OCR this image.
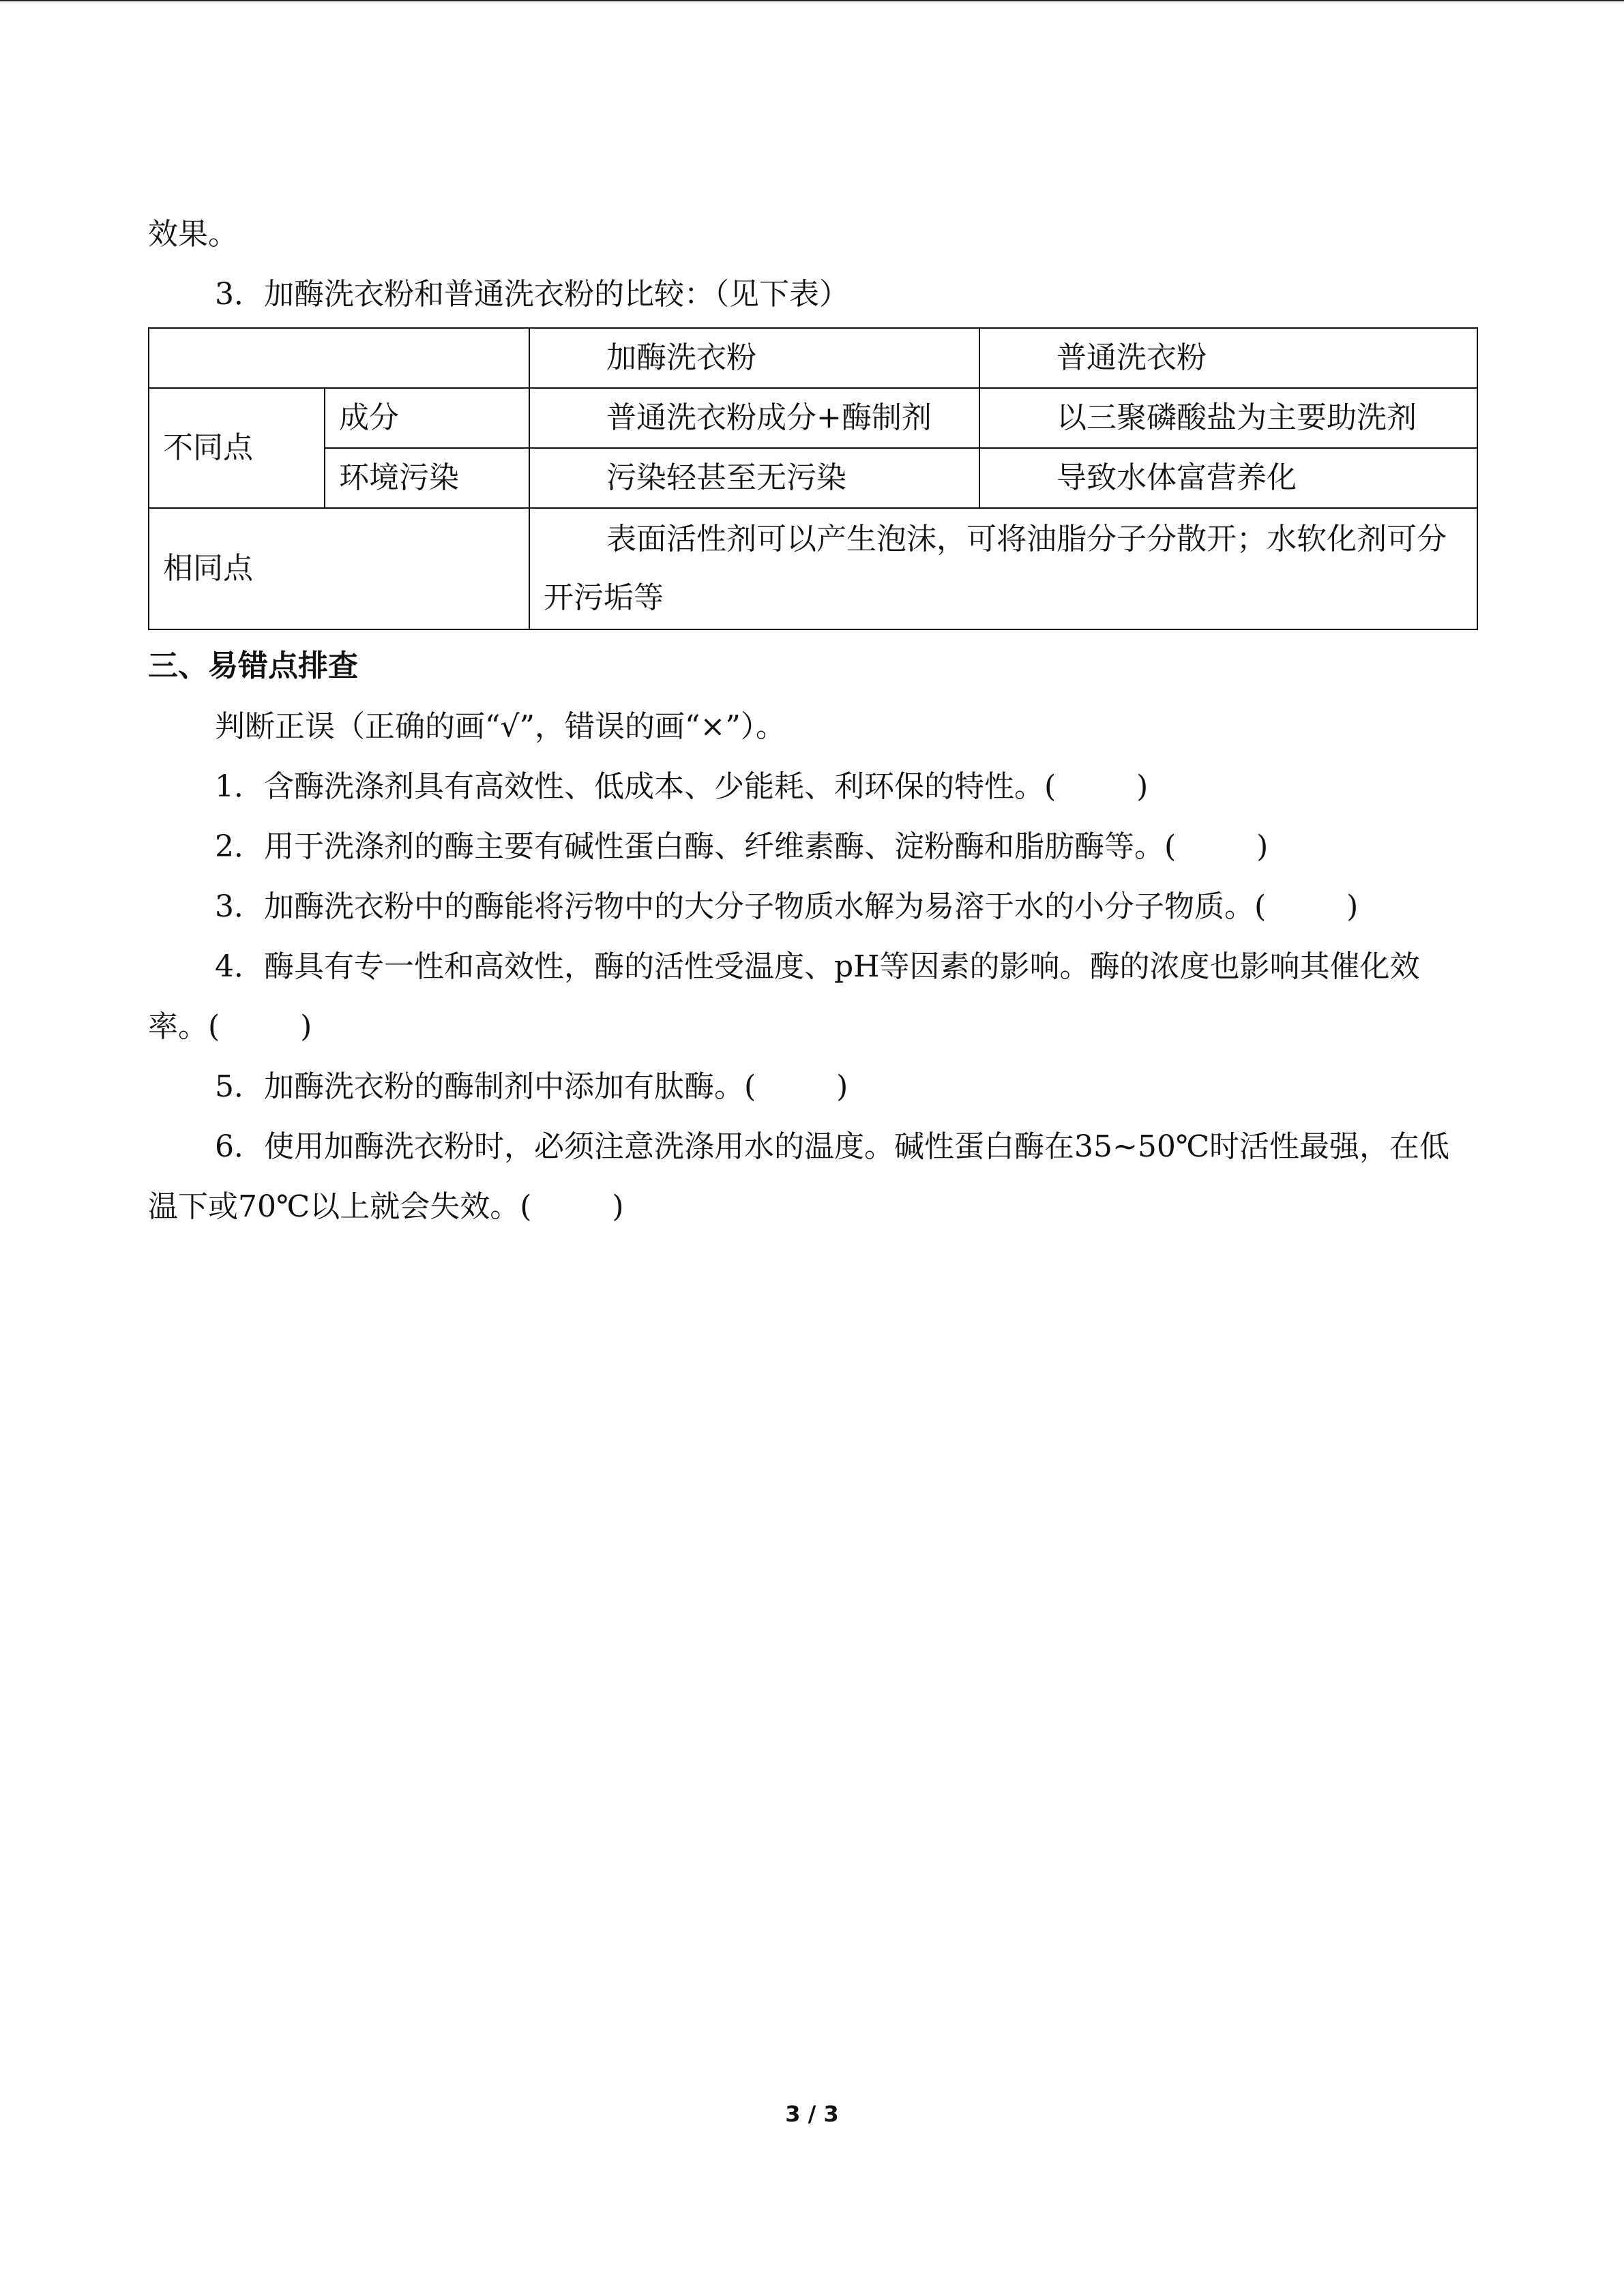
效果。

3．加酶洗衣粉和普通洗衣粉的比较：（见下表）

		加酶洗衣粉	普通洗衣粉
不同点	成分	普通洗衣粉成分+酶制剂	以三聚磷酸盐为主要助洗剂
	环境污染	污染轻甚至无污染	导致水体富营养化
相同点		表面活性剂可以产生泡沫，可将油脂分子分散开；水软化剂可分开污垢等	

三、易错点排查

判断正误（正确的画“√”，错误的画“×”）。

1．含酶洗涤剂具有高效性、低成本、少能耗、利环保的特性。(	)

2．用于洗涤剂的酶主要有碱性蛋白酶、纤维素酶、淀粉酶和脂肪酶等。(	)

3．加酶洗衣粉中的酶能将污物中的大分子物质水解为易溶于水的小分子物质。(	)

4．酶具有专一性和高效性，酶的活性受温度、pH等因素的影响。酶的浓度也影响其催化效率。(	)

5．加酶洗衣粉的酶制剂中添加有肽酶。(	)

6．使用加酶洗衣粉时，必须注意洗涤用水的温度。碱性蛋白酶在35~50℃时活性最强，在低温下或70℃以上就会失效。(	)

3 / 3
